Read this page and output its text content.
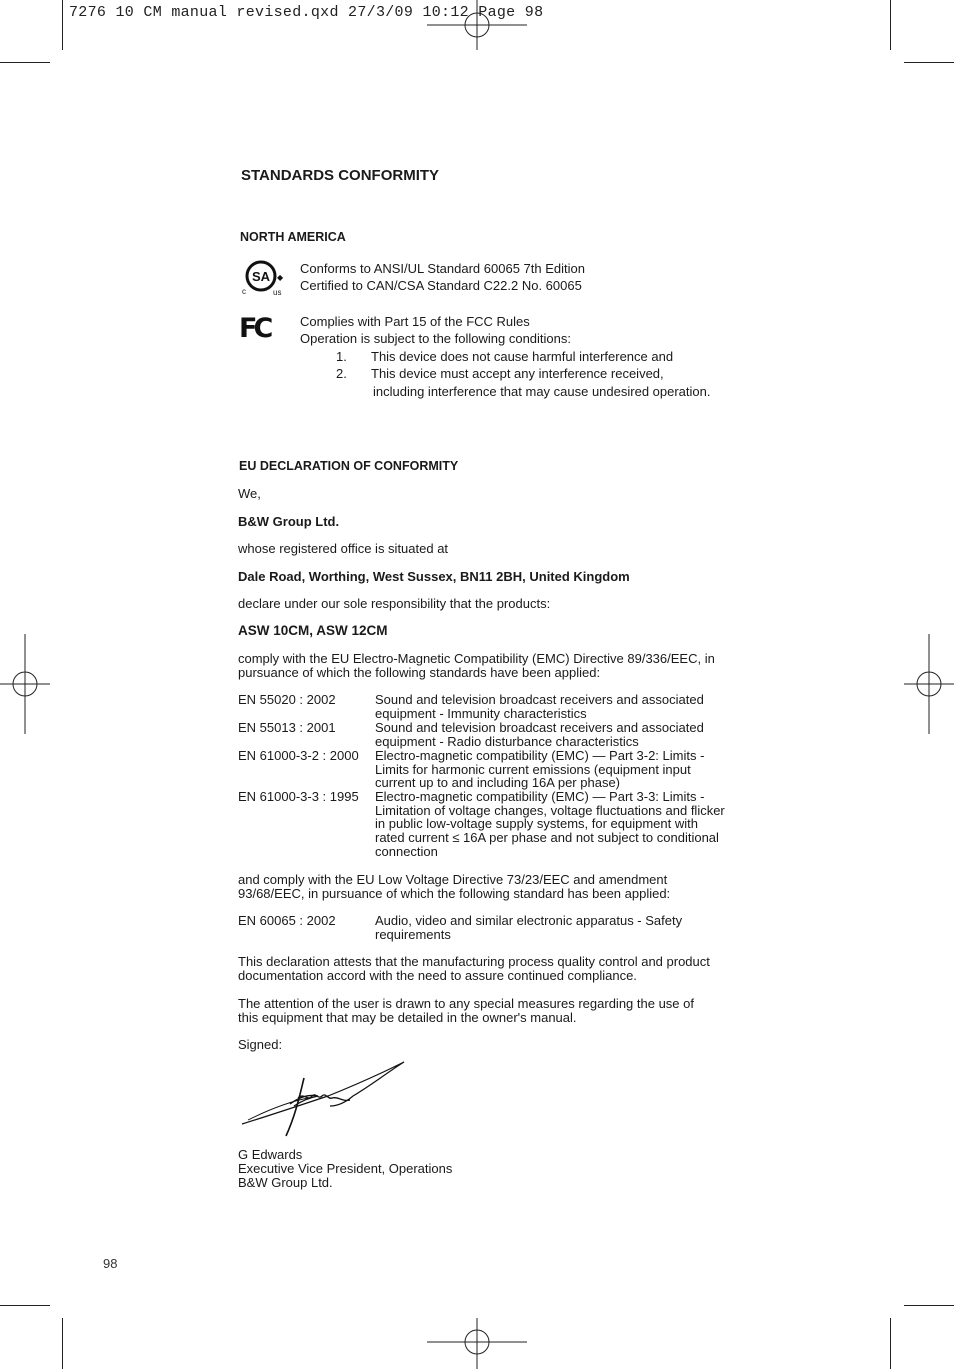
7276 10 CM manual revised.qxd 27/3/09 10:12 Page 98
STANDARDS CONFORMITY
NORTH AMERICA
SA ◆
c	us
Conforms to ANSI/UL Standard 60065 7th Edition
Certified to CAN/CSA Standard C22.2 No. 60065
FC Complies with Part 15 of the FCC Rules
Operation is subject to the following conditions:
1. This device does not cause harmful interference and
2. This device must accept any interference received,
including interference that may cause undesired operation.
EU DECLARATION OF CONFORMITY
We,
B&W Group Ltd.
whose registered office is situated at
Dale Road, Worthing, West Sussex, BN11 2BH, United Kingdom
declare under our sole responsibility that the products:
ASW 10CM, ASW 12CM
comply with the EU Electro-Magnetic Compatibility (EMC) Directive 89/336/EEC, in
pursuance of which the following standards have been applied:
EN 55020 : 2002	Sound and television broadcast receivers and associated
equipment - Immunity characteristics
EN 55013 : 2001	Sound and television broadcast receivers and associated
equipment - Radio disturbance characteristics
EN 61000-3-2 : 2000 Electro-magnetic compatibility (EMC) — Part 3-2: Limits -
Limits for harmonic current emissions (equipment input
current up to and including 16A per phase)
EN 61000-3-3 : 1995 Electro-magnetic compatibility (EMC) — Part 3-3: Limits -
Limitation of voltage changes, voltage fluctuations and flicker
in public low-voltage supply systems, for equipment with
rated current ≤ 16A per phase and not subject to conditional
connection
and comply with the EU Low Voltage Directive 73/23/EEC and amendment
93/68/EEC, in pursuance of which the following standard has been applied:
EN 60065 : 2002	Audio, video and similar electronic apparatus - Safety
requirements
This declaration attests that the manufacturing process quality control and product
documentation accord with the need to assure continued compliance.
The attention of the user is drawn to any special measures regarding the use of
this equipment that may be detailed in the owner's manual.
Signed:
G Edwards
Executive Vice President, Operations
B&W Group Ltd.
98
